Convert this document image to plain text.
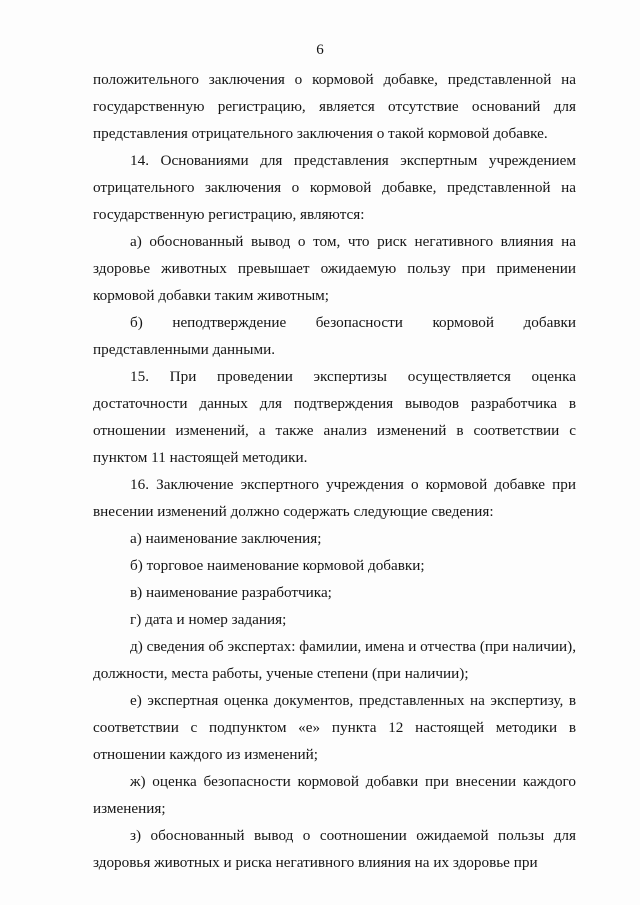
6

положительного заключения о кормовой добавке, представленной на государственную регистрацию, является отсутствие оснований для представления отрицательного заключения о такой кормовой добавке.

14. Основаниями для представления экспертным учреждением отрицательного заключения о кормовой добавке, представленной на государственную регистрацию, являются:

а) обоснованный вывод о том, что риск негативного влияния на здоровье животных превышает ожидаемую пользу при применении кормовой добавки таким животным;

б) неподтверждение безопасности кормовой добавки представленными данными.

15. При проведении экспертизы осуществляется оценка достаточности данных для подтверждения выводов разработчика в отношении изменений, а также анализ изменений в соответствии с пунктом 11 настоящей методики.

16. Заключение экспертного учреждения о кормовой добавке при внесении изменений должно содержать следующие сведения:

а) наименование заключения;

б) торговое наименование кормовой добавки;

в) наименование разработчика;

г) дата и номер задания;

д) сведения об экспертах: фамилии, имена и отчества (при наличии), должности, места работы, ученые степени (при наличии);

е) экспертная оценка документов, представленных на экспертизу, в соответствии с подпунктом «е» пункта 12 настоящей методики в отношении каждого из изменений;

ж) оценка безопасности кормовой добавки при внесении каждого изменения;

з) обоснованный вывод о соотношении ожидаемой пользы для здоровья животных и риска негативного влияния на их здоровье при
